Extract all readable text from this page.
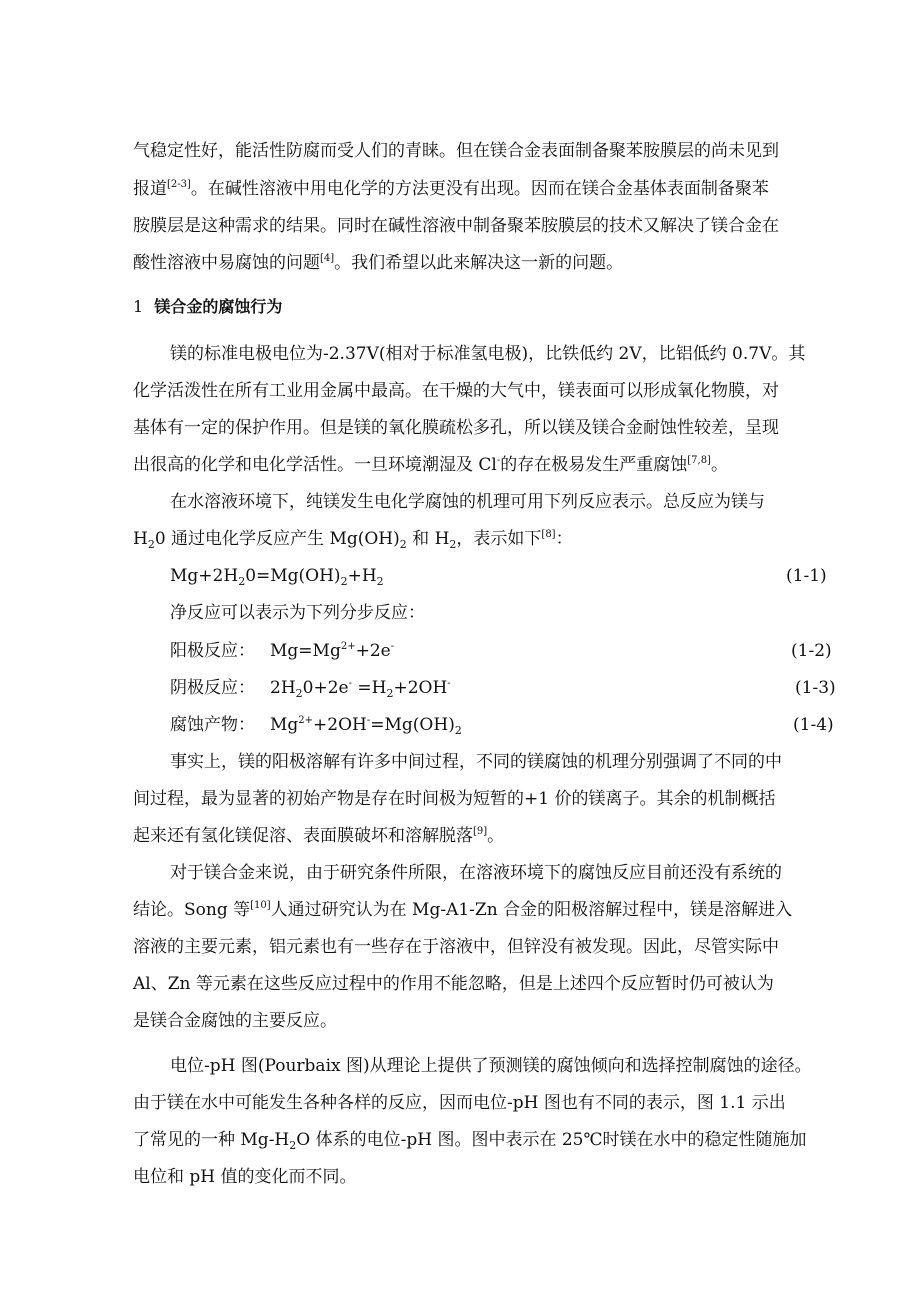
气稳定性好，能活性防腐而受人们的青睐。但在镁合金表面制备聚苯胺膜层的尚未见到
报道[2-3]。在碱性溶液中用电化学的方法更没有出现。因而在镁合金基体表面制备聚苯
胺膜层是这种需求的结果。同时在碱性溶液中制备聚苯胺膜层的技术又解决了镁合金在
酸性溶液中易腐蚀的问题[4]。我们希望以此来解决这一新的问题。
1 镁合金的腐蚀行为
镁的标准电极电位为-2.37V(相对于标准氢电极)，比铁低约 2V，比铝低约 0.7V。其
化学活泼性在所有工业用金属中最高。在干燥的大气中，镁表面可以形成氧化物膜，对
基体有一定的保护作用。但是镁的氧化膜疏松多孔，所以镁及镁合金耐蚀性较差，呈现
出很高的化学和电化学活性。一旦环境潮湿及 Cl-的存在极易发生严重腐蚀[7,8]。
在水溶液环境下，纯镁发生电化学腐蚀的机理可用下列反应表示。总反应为镁与
$H_20$ 通过电化学反应产生 $Mg(OH)_2$ 和 $H_2$，表示如下[8]：
$Mg+2H_20=Mg(OH)_2+H_2$	(1-1)
净反应可以表示为下列分步反应：
阳极反应： $Mg=Mg^{2+}+2e^-$	(1-2)
阴极反应： $2H_20+2e^- =H_2+2OH^-$	(1-3)
腐蚀产物： $Mg^{2+}+2OH^-=Mg(OH)_2$	(1-4)
事实上，镁的阳极溶解有许多中间过程，不同的镁腐蚀的机理分别强调了不同的中
间过程，最为显著的初始产物是存在时间极为短暂的+1 价的镁离子。其余的机制概括
起来还有氢化镁促溶、表面膜破坏和溶解脱落[9]。
对于镁合金来说，由于研究条件所限，在溶液环境下的腐蚀反应目前还没有系统的
结论。Song 等[10]人通过研究认为在 Mg-A1-Zn 合金的阳极溶解过程中，镁是溶解进入
溶液的主要元素，铝元素也有一些存在于溶液中，但锌没有被发现。因此，尽管实际中
Al、Zn 等元素在这些反应过程中的作用不能忽略，但是上述四个反应暂时仍可被认为
是镁合金腐蚀的主要反应。
电位-pH 图(Pourbaix 图)从理论上提供了预测镁的腐蚀倾向和选择控制腐蚀的途径。
由于镁在水中可能发生各种各样的反应，因而电位-pH 图也有不同的表示，图 1.1 示出
了常见的一种 $Mg-H_2O$ 体系的电位-pH 图。图中表示在 25℃时镁在水中的稳定性随施加
电位和 pH 值的变化而不同。
